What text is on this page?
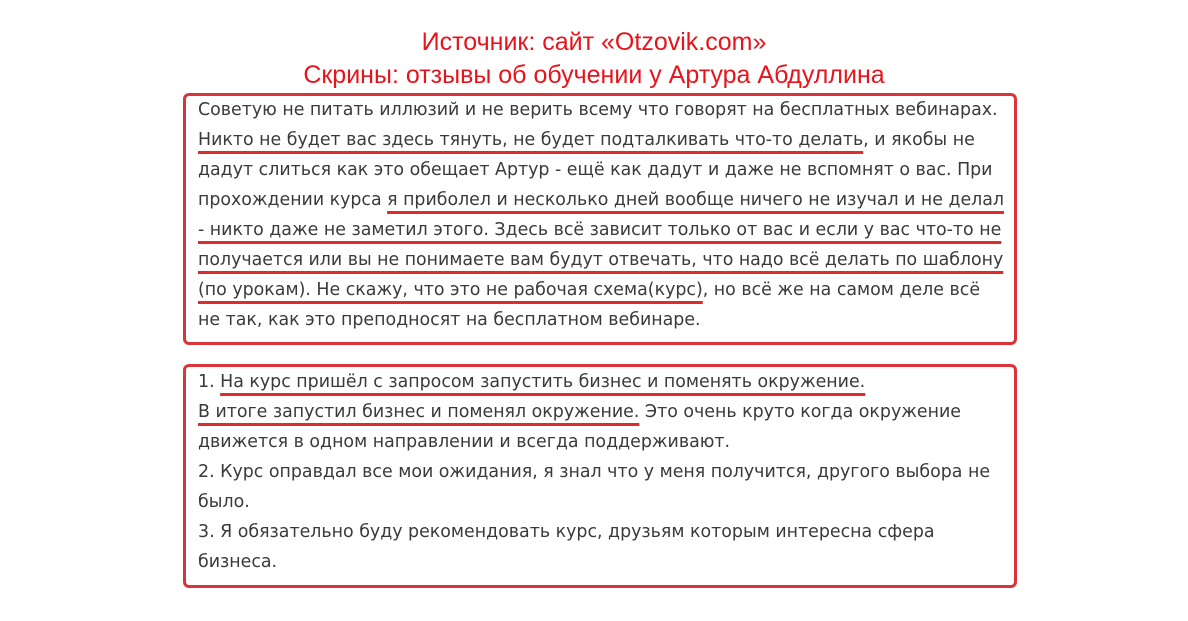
Источник: сайт «Otzovik.com»
Скрины: отзывы об обучении у Артура Абдуллина

Советую не питать иллюзий и не верить всему что говорят на бесплатных вебинарах.

Никто не будет вас здесь тянуть, не будет подталкивать что-то делать, и якобы не

дадут слиться как это обещает Артур - ещё как дадут и даже не вспомнят о вас. При

прохождении курса я приболел и несколько дней вообще ничего не изучал и не делал

- никто даже не заметил этого. Здесь всё зависит только от вас и если у вас что-то не

получается или вы не понимаете вам будут отвечать, что надо всё делать по шаблону

(по урокам). Не скажу, что это не рабочая схема(курс), но всё же на самом деле всё

не так, как это преподносят на бесплатном вебинаре.

1. На курс пришёл с запросом запустить бизнес и поменять окружение.

В итоге запустил бизнес и поменял окружение. Это очень круто когда окружение

движется в одном направлении и всегда поддерживают.

2. Курс оправдал все мои ожидания, я знал что у меня получится, другого выбора не

было.

3. Я обязательно буду рекомендовать курс, друзьям которым интересна сфера

бизнеса.
